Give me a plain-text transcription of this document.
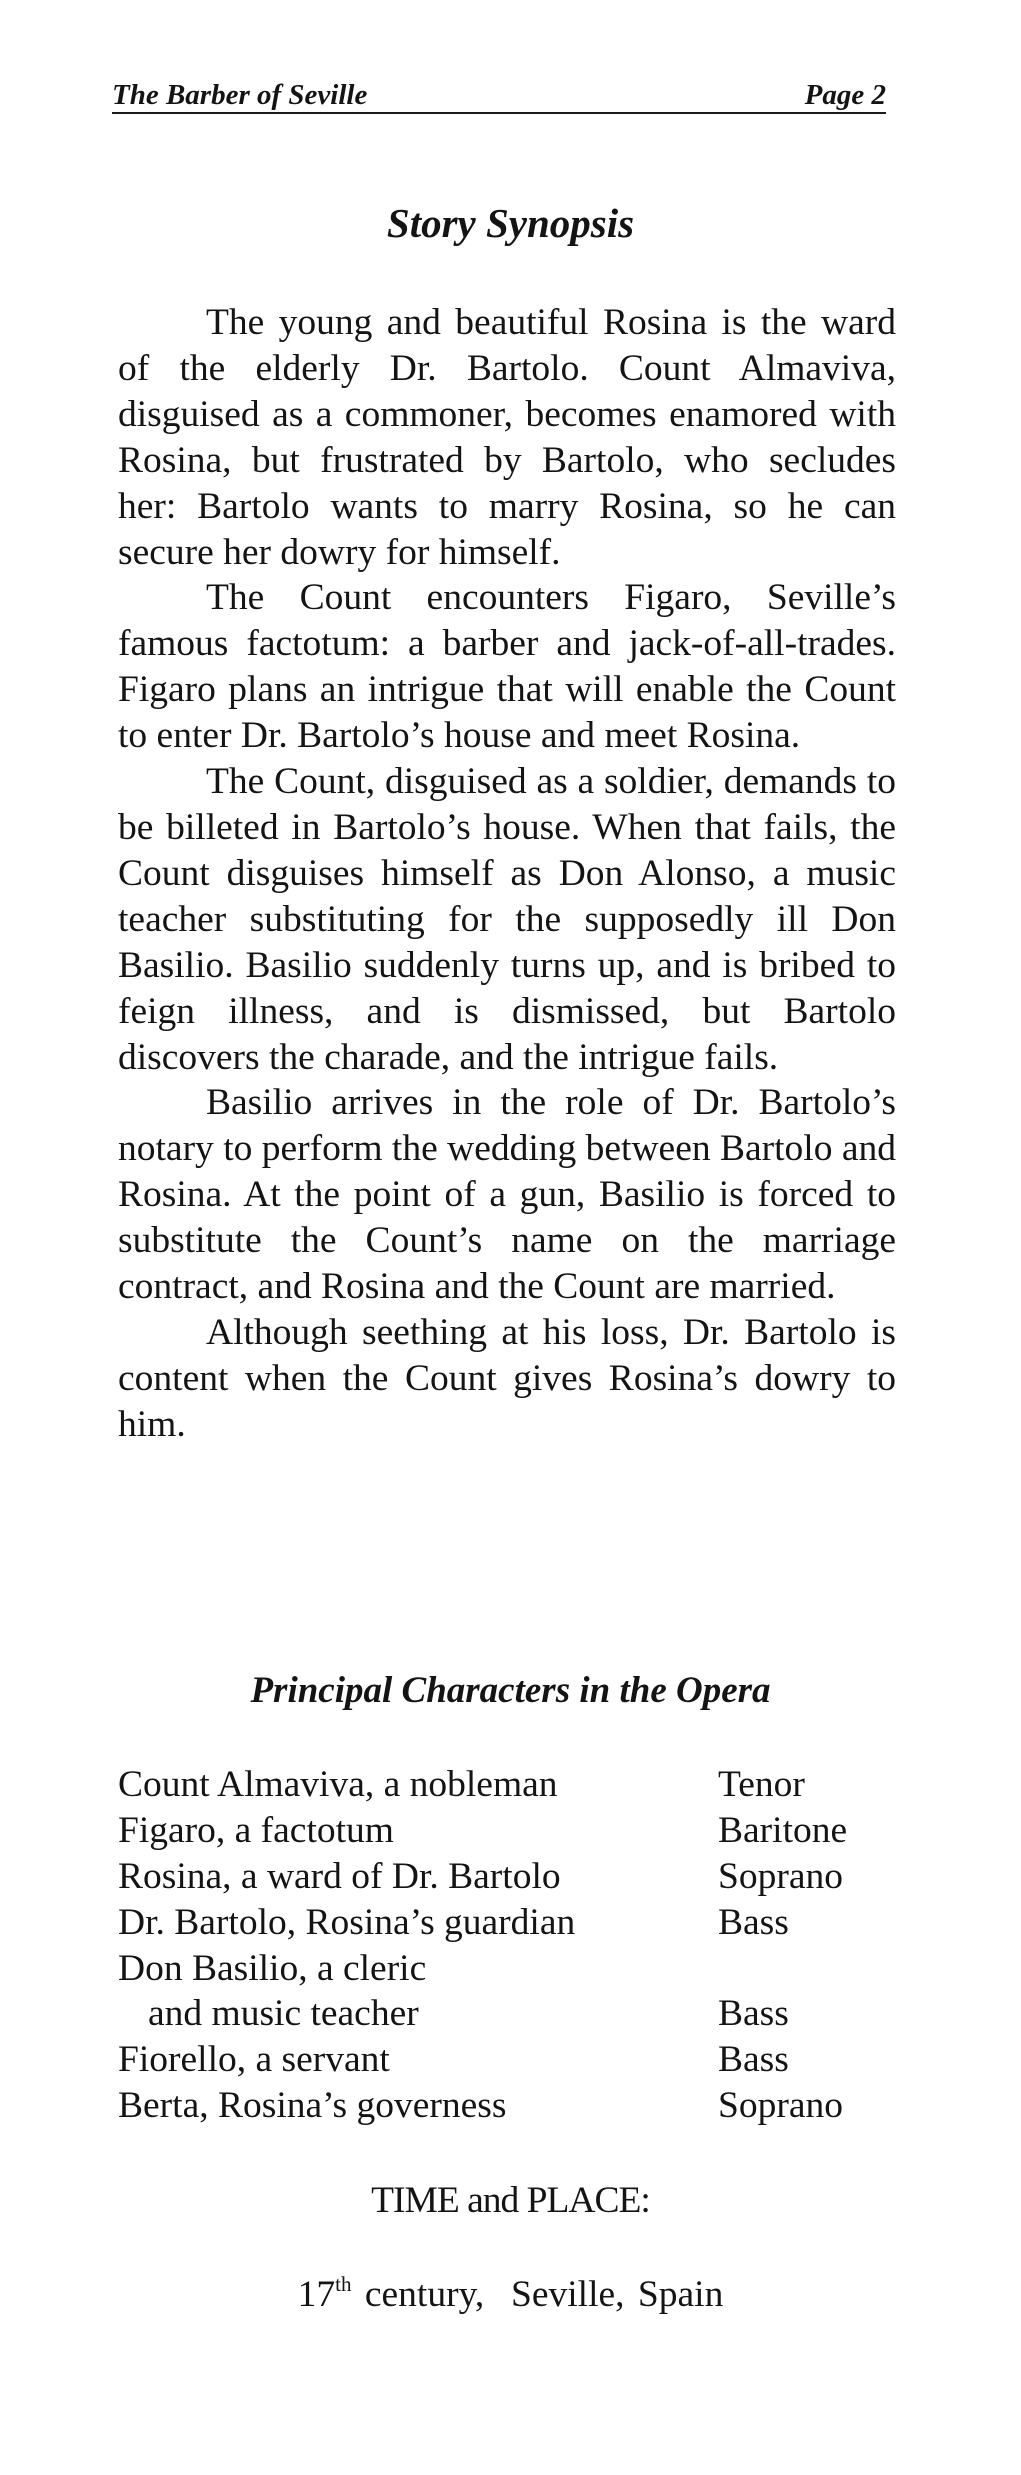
The Barber of Seville	Page 2
Story Synopsis

The young and beautiful Rosina is the ward of the elderly Dr. Bartolo. Count Almaviva, disguised as a commoner, becomes enamored with Rosina, but frustrated by Bartolo, who secludes her: Bartolo wants to marry Rosina, so he can secure her dowry for himself.

The Count encounters Figaro, Seville’s famous factotum: a barber and jack-of-all-trades. Figaro plans an intrigue that will enable the Count to enter Dr. Bartolo’s house and meet Rosina.

The Count, disguised as a soldier, demands to be billeted in Bartolo’s house. When that fails, the Count disguises himself as Don Alonso, a music teacher substituting for the supposedly ill Don Basilio. Basilio suddenly turns up, and is bribed to feign illness, and is dismissed, but Bartolo discovers the charade, and the intrigue fails.

Basilio arrives in the role of Dr. Bartolo’s notary to perform the wedding between Bartolo and Rosina. At the point of a gun, Basilio is forced to substitute the Count’s name on the marriage contract, and Rosina and the Count are married.

Although seething at his loss, Dr. Bartolo is content when the Count gives Rosina’s dowry to him.

Principal Characters in the Opera
Count Almaviva, a nobleman	Tenor
Figaro, a factotum	Baritone
Rosina, a ward of Dr. Bartolo	Soprano
Dr. Bartolo, Rosina’s guardian	Bass
Don Basilio, a cleric
and music teacher	Bass
Fiorello, a servant	Bass
Berta, Rosina’s governess	Soprano
TIME and PLACE:
17th century,  Seville, Spain
